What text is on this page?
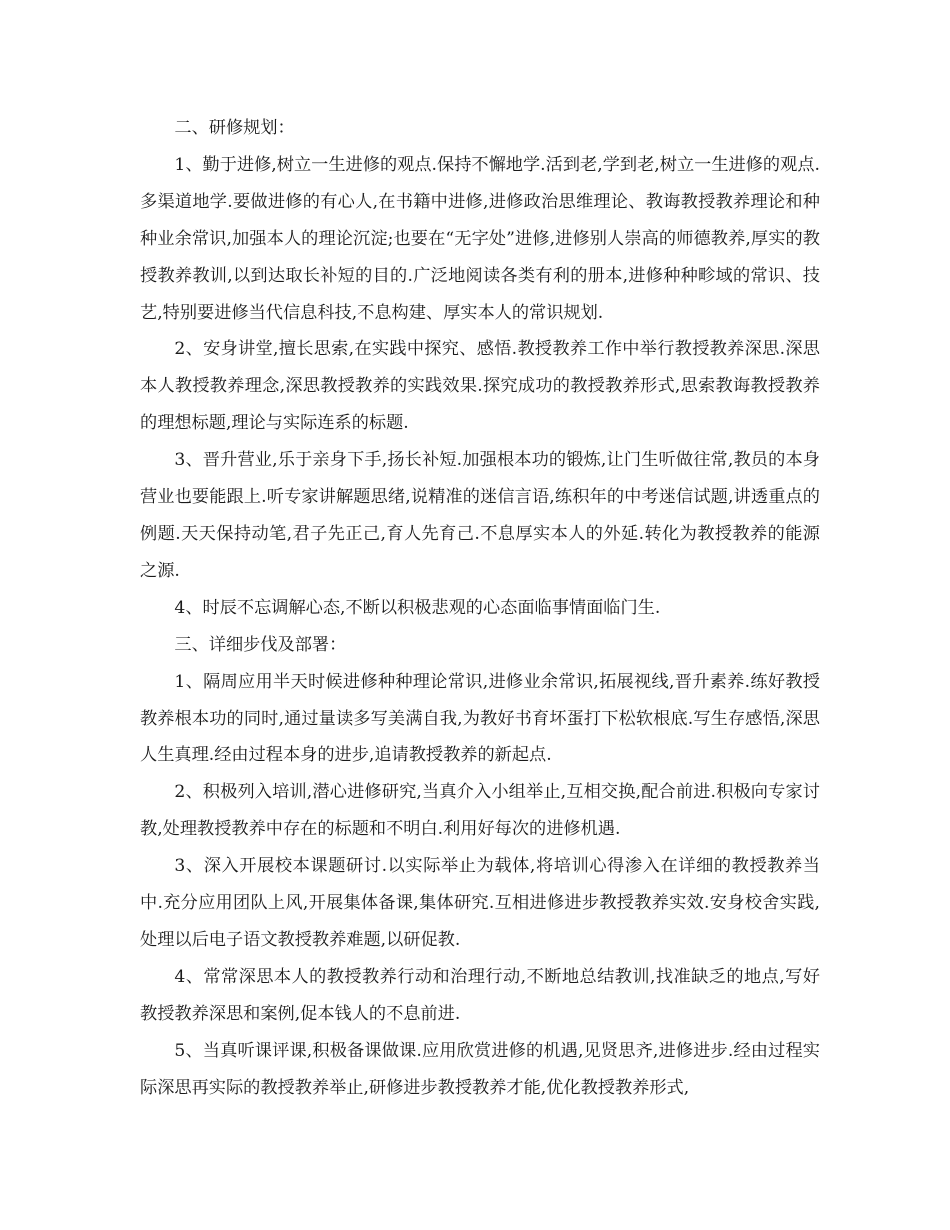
二、研修规划：

1、勤于进修,树立一生进修的观点.保持不懈地学.活到老,学到老,树立一生进修的观点.多渠道地学.要做进修的有心人,在书籍中进修,进修政治思维理论、教诲教授教养理论和种种业余常识,加强本人的理论沉淀;也要在“无字处”进修,进修别人崇高的师德教养,厚实的教授教养教训,以到达取长补短的目的.广泛地阅读各类有利的册本,进修种种畛域的常识、技艺,特别要进修当代信息科技,不息构建、厚实本人的常识规划.

2、安身讲堂,擅长思索,在实践中探究、感悟.教授教养工作中举行教授教养深思.深思本人教授教养理念,深思教授教养的实践效果.探究成功的教授教养形式,思索教诲教授教养的理想标题,理论与实际连系的标题.

3、晋升营业,乐于亲身下手,扬长补短.加强根本功的锻炼,让门生听做往常,教员的本身营业也要能跟上.听专家讲解题思绪,说精准的迷信言语,练积年的中考迷信试题,讲透重点的例题.天天保持动笔,君子先正己,育人先育己.不息厚实本人的外延.转化为教授教养的能源之源.

4、时辰不忘调解心态,不断以积极悲观的心态面临事情面临门生.

三、详细步伐及部署：

1、隔周应用半天时候进修种种理论常识,进修业余常识,拓展视线,晋升素养.练好教授教养根本功的同时,通过量读多写美满自我,为教好书育坏蛋打下松软根底.写生存感悟,深思人生真理.经由过程本身的进步,追请教授教养的新起点.

2、积极列入培训,潜心进修研究,当真介入小组举止,互相交换,配合前进.积极向专家讨教,处理教授教养中存在的标题和不明白.利用好每次的进修机遇.

3、深入开展校本课题研讨.以实际举止为载体,将培训心得渗入在详细的教授教养当中.充分应用团队上风,开展集体备课,集体研究.互相进修进步教授教养实效.安身校舍实践,处理以后电子语文教授教养难题,以研促教.

4、常常深思本人的教授教养行动和治理行动,不断地总结教训,找准缺乏的地点,写好教授教养深思和案例,促本钱人的不息前进.

5、当真听课评课,积极备课做课.应用欣赏进修的机遇,见贤思齐,进修进步.经由过程实际深思再实际的教授教养举止,研修进步教授教养才能,优化教授教养形式,
